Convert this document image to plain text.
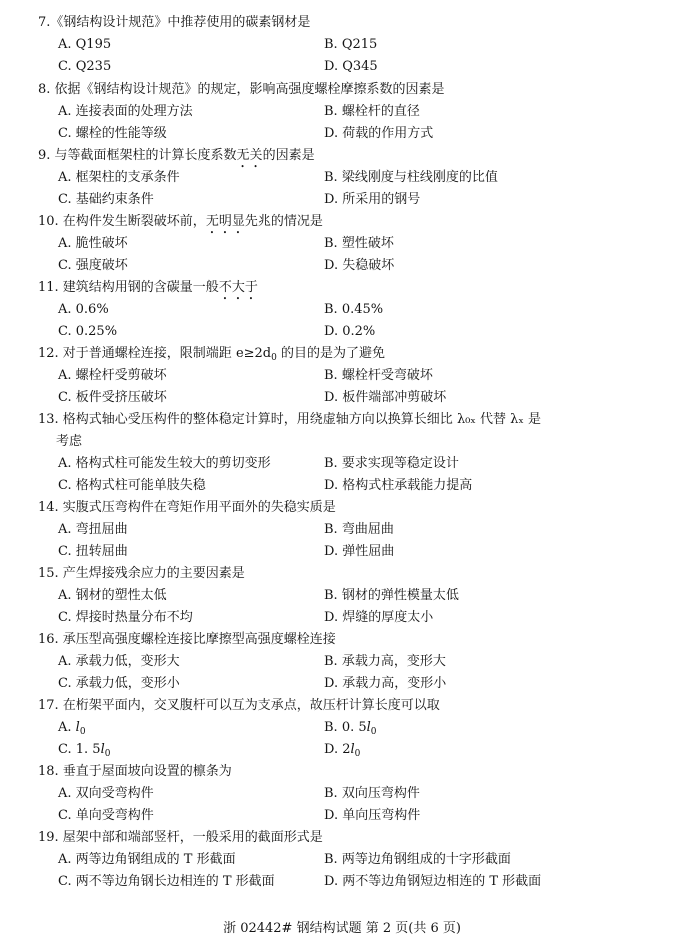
7.《钢结构设计规范》中推荐使用的碳素钢材是
A. Q195	B. Q215
C. Q235	D. Q345
8. 依据《钢结构设计规范》的规定，影响高强度螺栓摩擦系数的因素是
A. 连接表面的处理方法	B. 螺栓杆的直径
C. 螺栓的性能等级	D. 荷载的作用方式
9. 与等截面框架柱的计算长度系数无关的因素是
A. 框架柱的支承条件	B. 梁线刚度与柱线刚度的比值
C. 基础约束条件	D. 所采用的钢号
10. 在构件发生断裂破坏前，无明显先兆的情况是
A. 脆性破坏	B. 塑性破坏
C. 强度破坏	D. 失稳破坏
11. 建筑结构用钢的含碳量一般不大于
A. 0.6%	B. 0.45%
C. 0.25%	D. 0.2%
12. 对于普通螺栓连接，限制端距 $e\ge 2d_0$ 的目的是为了避免
A. 螺栓杆受剪破坏	B. 螺栓杆受弯破坏
C. 板件受挤压破坏	D. 板件端部冲剪破坏
13. 格构式轴心受压构件的整体稳定计算时，用绕虚轴方向以换算长细比 λ₀ₓ 代替 λₓ 是
考虑
A. 格构式柱可能发生较大的剪切变形	B. 要求实现等稳定设计
C. 格构式柱可能单肢失稳	D. 格构式柱承载能力提高
14. 实腹式压弯构件在弯矩作用平面外的失稳实质是
A. 弯扭屈曲	B. 弯曲屈曲
C. 扭转屈曲	D. 弹性屈曲
15. 产生焊接残余应力的主要因素是
A. 钢材的塑性太低	B. 钢材的弹性模量太低
C. 焊接时热量分布不均	D. 焊缝的厚度太小
16. 承压型高强度螺栓连接比摩擦型高强度螺栓连接
A. 承载力低，变形大	B. 承载力高，变形大
C. 承载力低，变形小	D. 承载力高，变形小
17. 在桁架平面内，交叉腹杆可以互为支承点，故压杆计算长度可以取
A. $l_0$	B. 0. $5l_0$
C. 1. $5l_0$	D. $2l_0$
18. 垂直于屋面坡向设置的檩条为
A. 双向受弯构件	B. 双向压弯构件
C. 单向受弯构件	D. 单向压弯构件
19. 屋架中部和端部竖杆，一般采用的截面形式是
A. 两等边角钢组成的 T 形截面	B. 两等边角钢组成的十字形截面
C. 两不等边角钢长边相连的 T 形截面	D. 两不等边角钢短边相连的 T 形截面
浙 02442# 钢结构试题 第 2 页(共 6 页)
